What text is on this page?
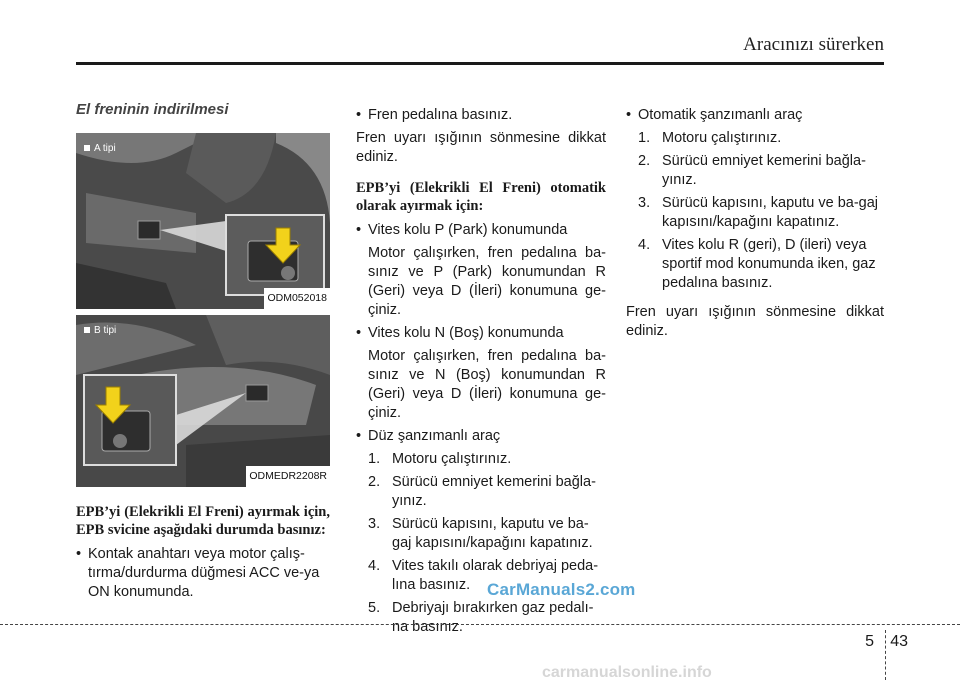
Aracınızı sürerken
El freninin indirilmesi
A tipi
ODM052018
B tipi
ODMEDR2208R
EPB’yi (Elekrikli El Freni) ayırmak için, EPB svicine aşağıdaki durumda basınız:
• Kontak anahtarı veya motor çalış-tırma/durdurma düğmesi ACC ve-ya ON konumunda.
• Fren pedalına basınız.

Fren uyarı ışığının sönmesine dikkat ediniz.

EPB’yi (Elekrikli El Freni) otomatik olarak ayırmak için:
• Vites kolu P (Park) konumunda
Motor çalışırken, fren pedalına ba-sınız ve P (Park) konumundan R (Geri) veya D (İleri) konumuna ge-çiniz.
• Vites kolu N (Boş) konumunda
Motor çalışırken, fren pedalına ba-sınız ve N (Boş) konumundan R (Geri) veya D (İleri) konumuna ge-çiniz.
• Düz şanzımanlı araç
1. Motoru çalıştırınız.
2. Sürücü emniyet kemerini bağla-yınız.
3. Sürücü kapısını, kaputu ve ba-gaj kapısını/kapağını kapatınız.
4. Vites takılı olarak debriyaj peda-lına basınız.
5. Debriyajı bırakırken gaz pedalı-na basınız.
• Otomatik şanzımanlı araç
1. Motoru çalıştırınız.
2. Sürücü emniyet kemerini bağla-yınız.
3. Sürücü kapısını, kaputu ve ba-gaj kapısını/kapağını kapatınız.
4. Vites kolu R (geri), D (ileri) veya sportif mod konumunda iken, gaz pedalına basınız.

Fren uyarı ışığının sönmesine dikkat ediniz.

CarManuals2.com
5 43
carmanualsonline.info
